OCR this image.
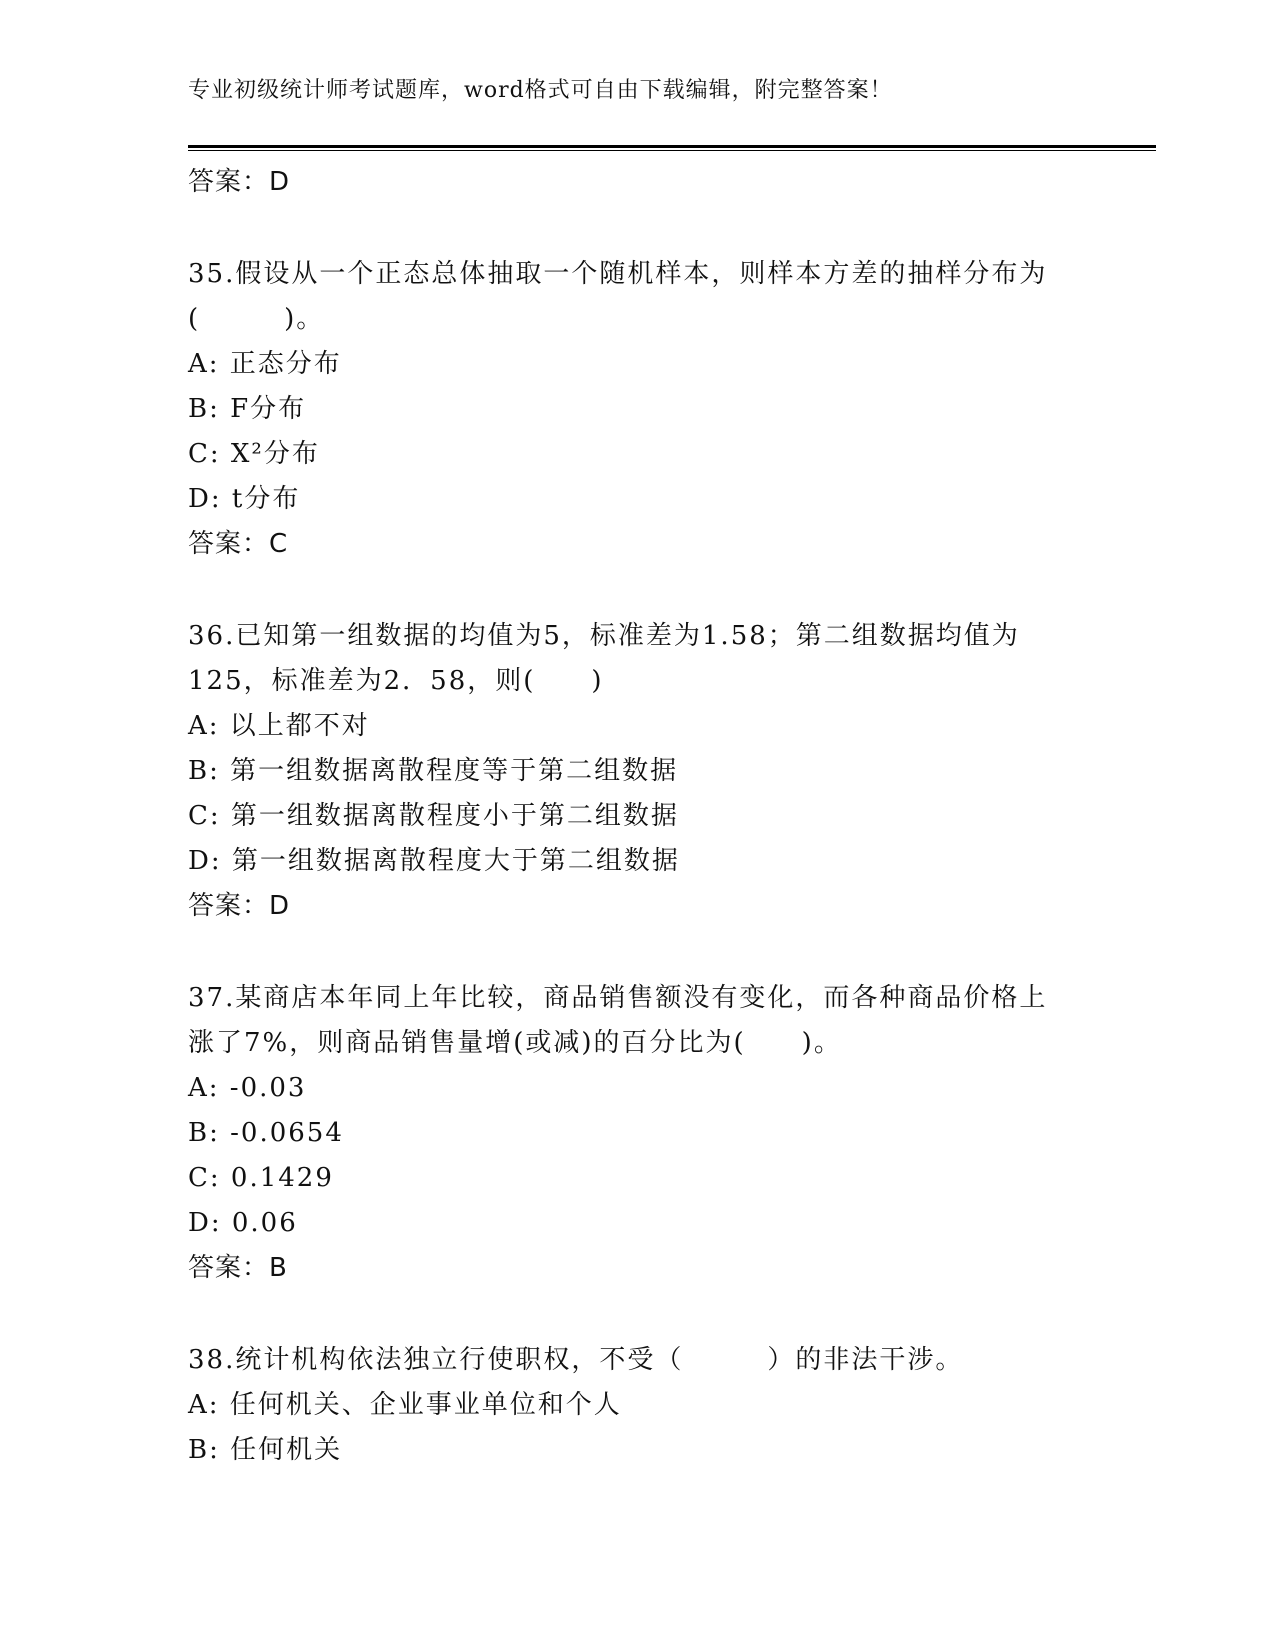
专业初级统计师考试题库，word格式可自由下载编辑，附完整答案！
答案：D
35.假设从一个正态总体抽取一个随机样本，则样本方差的抽样分布为
(　　　)。
A: 正态分布
B: F分布
C: X²分布
D: t分布
答案：C
36.已知第一组数据的均值为5，标准差为1.58；第二组数据均值为
125，标准差为2．58，则(　　)
A: 以上都不对
B: 第一组数据离散程度等于第二组数据
C: 第一组数据离散程度小于第二组数据
D: 第一组数据离散程度大于第二组数据
答案：D
37.某商店本年同上年比较，商品销售额没有变化，而各种商品价格上
涨了7%，则商品销售量增(或减)的百分比为(　　)。
A: -0.03
B: -0.0654
C: 0.1429
D: 0.06
答案：B
38.统计机构依法独立行使职权，不受（　　　）的非法干涉。
A: 任何机关、企业事业单位和个人
B: 任何机关
